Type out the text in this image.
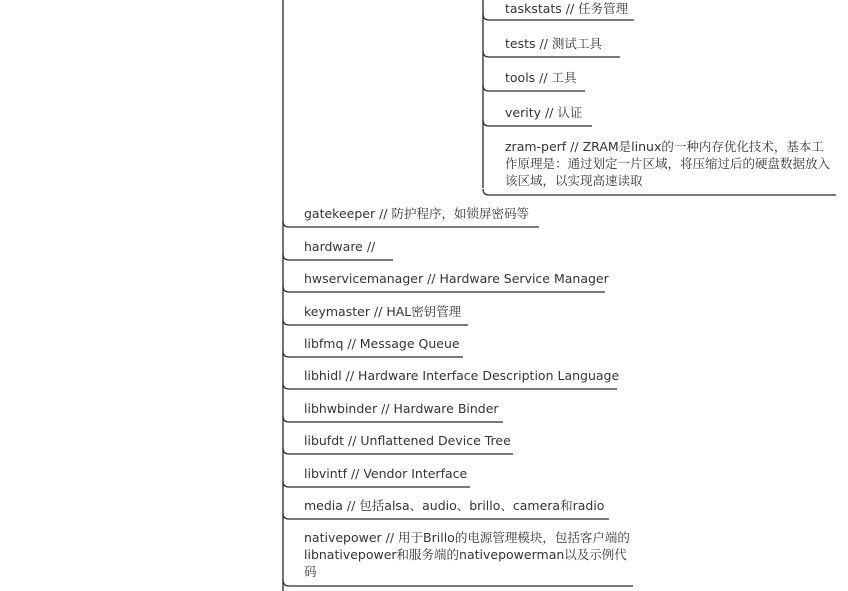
taskstats // 任务管理
tests // 测试工具
tools // 工具
verity // 认证
zram-perf // ZRAM是linux的一种内存优化技术，基本工作原理是：通过划定一片区域，将压缩过后的硬盘数据放入该区域，以实现高速读取
gatekeeper // 防护程序，如锁屏密码等
hardware //
hwservicemanager // Hardware Service Manager
keymaster // HAL密钥管理
libfmq // Message Queue
libhidl // Hardware Interface Description Language
libhwbinder // Hardware Binder
libufdt // Unflattened Device Tree
libvintf // Vendor Interface
media // 包括alsa、audio、brillo、camera和radio
nativepower // 用于Brillo的电源管理模块，包括客户端的libnativepower和服务端的nativepowerman以及示例代码
